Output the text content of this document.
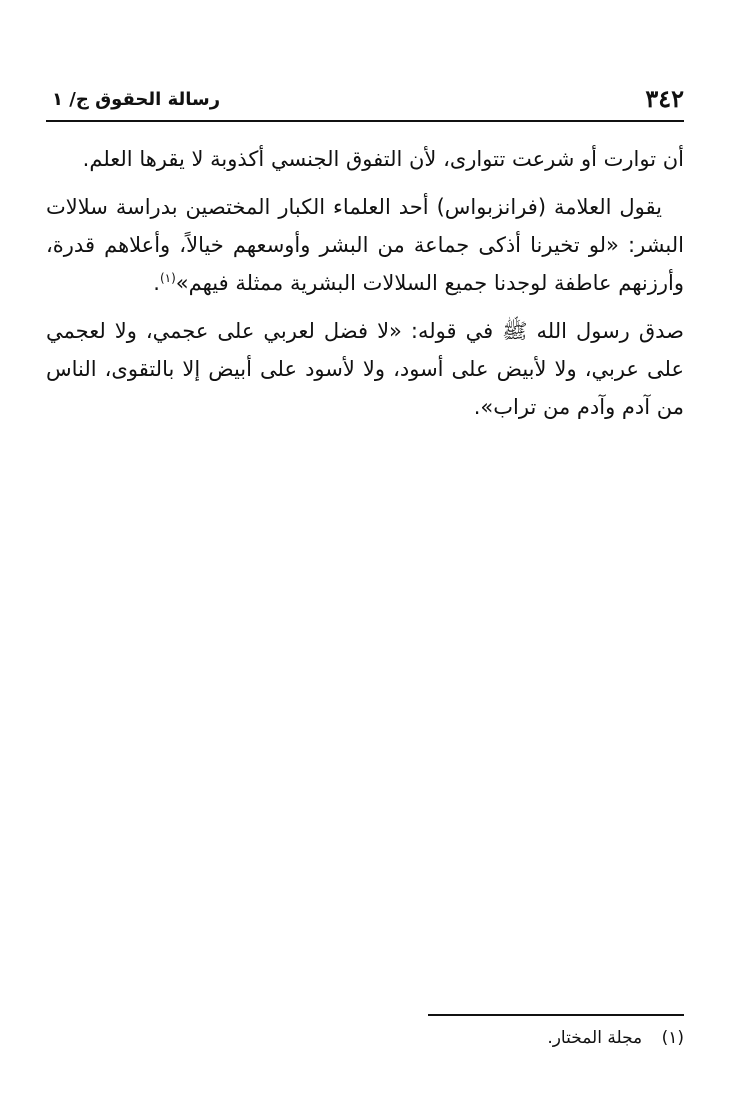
٣٤٢
رسالة الحقوق ج/ ١

أن توارت أو شرعت تتوارى، لأن التفوق الجنسي أكذوبة لا يقرها العلم.

يقول العلامة (فرانزبواس) أحد العلماء الكبار المختصين بدراسة سلالات البشر: «لو تخيرنا أذكى جماعة من البشر وأوسعهم خيالاً، وأعلاهم قدرة، وأرزنهم عاطفة لوجدنا جميع السلالات البشرية ممثلة فيهم»$^{(١)}$.

صدق رسول الله ﷺ في قوله: «لا فضل لعربي على عجمي، ولا لعجمي على عربي، ولا لأبيض على أسود، ولا لأسود على أبيض إلا بالتقوى، الناس من آدم وآدم من تراب».

(١) مجلة المختار.
